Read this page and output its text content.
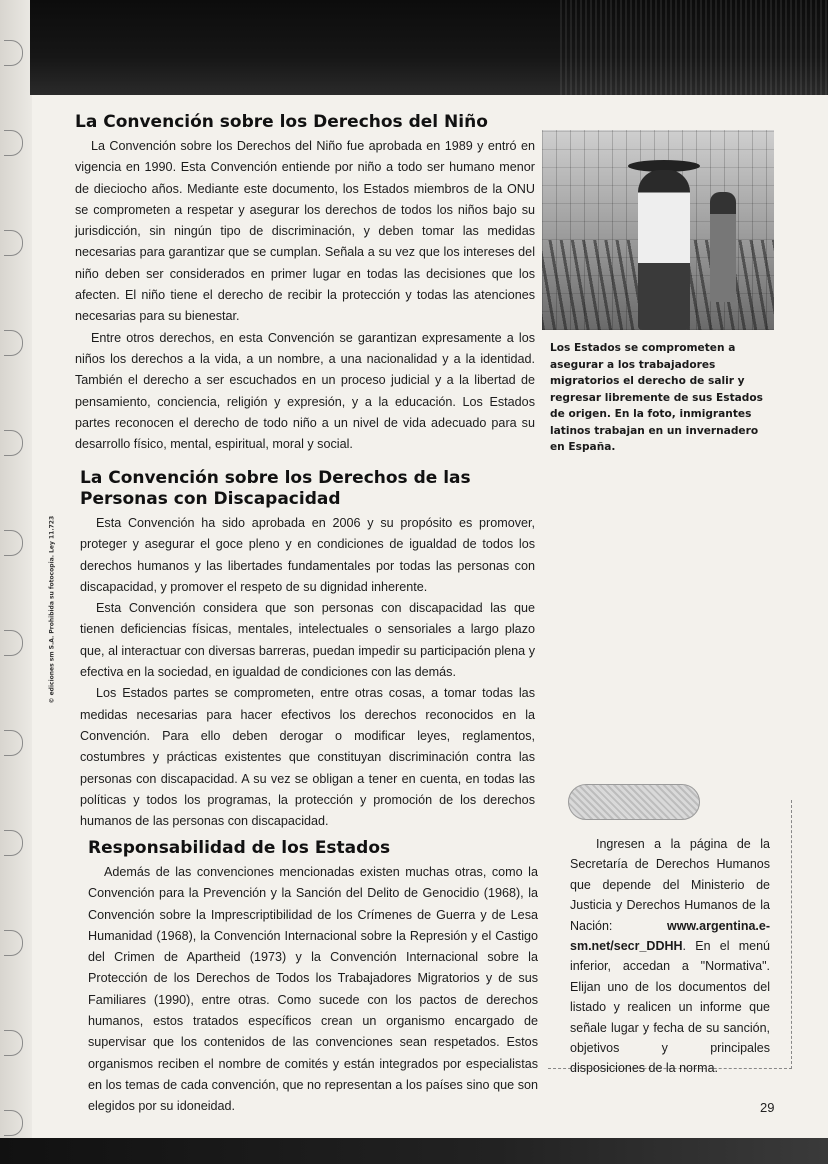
© ediciones sm S.A. Prohibida su fotocopia. Ley 11.723
La Convención sobre los Derechos del Niño

La Convención sobre los Derechos del Niño fue aprobada en 1989 y entró en vigencia en 1990. Esta Convención entiende por niño a todo ser humano menor de dieciocho años. Mediante este documento, los Estados miembros de la ONU se comprometen a respetar y asegurar los derechos de todos los niños bajo su jurisdicción, sin ningún tipo de discriminación, y deben tomar las medidas necesarias para garantizar que se cumplan. Señala a su vez que los intereses del niño deben ser considerados en primer lugar en todas las decisiones que los afecten. El niño tiene el derecho de recibir la protección y todas las atenciones necesarias para su bienestar.

Entre otros derechos, en esta Convención se garantizan expresamente a los niños los derechos a la vida, a un nombre, a una nacionalidad y a la identidad. También el derecho a ser escuchados en un proceso judicial y a la libertad de pensamiento, conciencia, religión y expresión, y a la educación. Los Estados partes reconocen el derecho de todo niño a un nivel de vida adecuado para su desarrollo físico, mental, espiritual, moral y social.

Los Estados se comprometen a asegurar a los trabajadores migratorios el derecho de salir y regresar libremente de sus Estados de origen. En la foto, inmigrantes latinos trabajan en un invernadero en España.
La Convención sobre los Derechos de las Personas con Discapacidad

Esta Convención ha sido aprobada en 2006 y su propósito es promover, proteger y asegurar el goce pleno y en condiciones de igualdad de todos los derechos humanos y las libertades fundamentales por todas las personas con discapacidad, y promover el respeto de su dignidad inherente.

Esta Convención considera que son personas con discapacidad las que tienen deficiencias físicas, mentales, intelectuales o sensoriales a largo plazo que, al interactuar con diversas barreras, puedan impedir su participación plena y efectiva en la sociedad, en igualdad de condiciones con las demás.

Los Estados partes se comprometen, entre otras cosas, a tomar todas las medidas necesarias para hacer efectivos los derechos reconocidos en la Convención. Para ello deben derogar o modificar leyes, reglamentos, costumbres y prácticas existentes que constituyan discriminación contra las personas con discapacidad. A su vez se obligan a tener en cuenta, en todas las políticas y todos los programas, la protección y promoción de los derechos humanos de las personas con discapacidad.

Responsabilidad de los Estados

Además de las convenciones mencionadas existen muchas otras, como la Convención para la Prevención y la Sanción del Delito de Genocidio (1968), la Convención sobre la Imprescriptibilidad de los Crímenes de Guerra y de Lesa Humanidad (1968), la Convención Internacional sobre la Represión y el Castigo del Crimen de Apartheid (1973) y la Convención Internacional sobre la Protección de los Derechos de Todos los Trabajadores Migratorios y de sus Familiares (1990), entre otras. Como sucede con los pactos de derechos humanos, estos tratados específicos crean un organismo encargado de supervisar que los contenidos de las convenciones sean respetados. Estos organismos reciben el nombre de comités y están integrados por especialistas en los temas de cada convención, que no representan a los países sino que son elegidos por su idoneidad.

Ingresen a la página de la Secretaría de Derechos Humanos que depende del Ministerio de Justicia y Derechos Humanos de la Nación: www.argentina.e-sm.net/secr_DDHH. En el menú inferior, accedan a "Normativa". Elijan uno de los documentos del listado y realicen un informe que señale lugar y fecha de su sanción, objetivos y principales disposiciones de la norma.
29
